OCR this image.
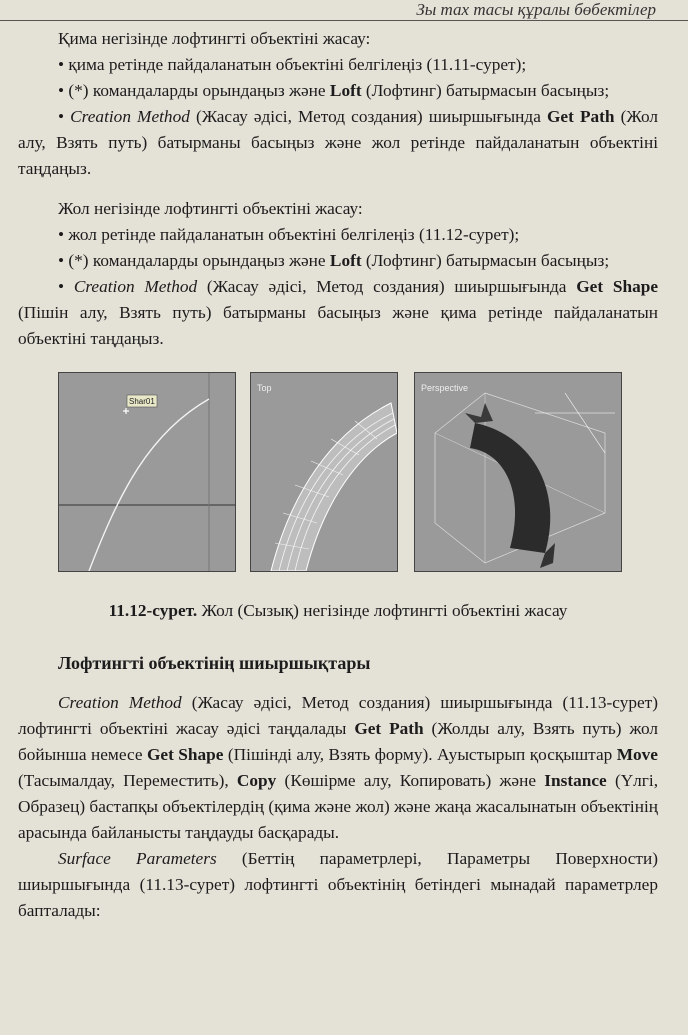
Зы тах тасы құралы бөбектілер

Қима негізінде лофтингті объектіні жасау:

• қима ретінде пайдаланатын объектіні белгілеңіз (11.11-сурет);

• (*) командаларды орындаңыз және Loft (Лофтинг) батырмасын басыңыз;

• Creation Method (Жасау әдісі, Метод создания) шиыршығында Get Path (Жол алу, Взять путь) батырманы басыңыз және жол ретінде пайдаланатын объектіні таңдаңыз.

Жол негізінде лофтингті объектіні жасау:

• жол ретінде пайдаланатын объектіні белгілеңіз (11.12-сурет);

• (*) командаларды орындаңыз және Loft (Лофтинг) батырмасын басыңыз;

• Creation Method (Жасау әдісі, Метод создания) шиыршығында Get Shape (Пішін алу, Взять путь) батырманы басыңыз және қима ретінде пайдаланатын объектіні таңдаңыз.

Shar01
Top	Perspective

11.12-сурет. Жол (Сызық) негізінде лофтингті объектіні жасау

Лофтингті объектінің шиыршықтары

Creation Method (Жасау әдісі, Метод создания) шиыршығында (11.13-сурет) лофтингті объектіні жасау әдісі таңдалады Get Path (Жолды алу, Взять путь) жол бойынша немесе Get Shape (Пішінді алу, Взять форму). Ауыстырып қосқыштар Move (Тасымалдау, Переместить), Copy (Көшірме алу, Копировать) және Instance (Үлгі, Образец) бастапқы объектілердің (қима және жол) және жаңа жасалынатын объектінің арасында байланысты таңдауды басқарады.

Surface Parameters (Беттің параметрлері, Параметры Поверхности) шиыршығында (11.13-сурет) лофтингті объектінің бетіндегі мынадай параметрлер бапталады:
